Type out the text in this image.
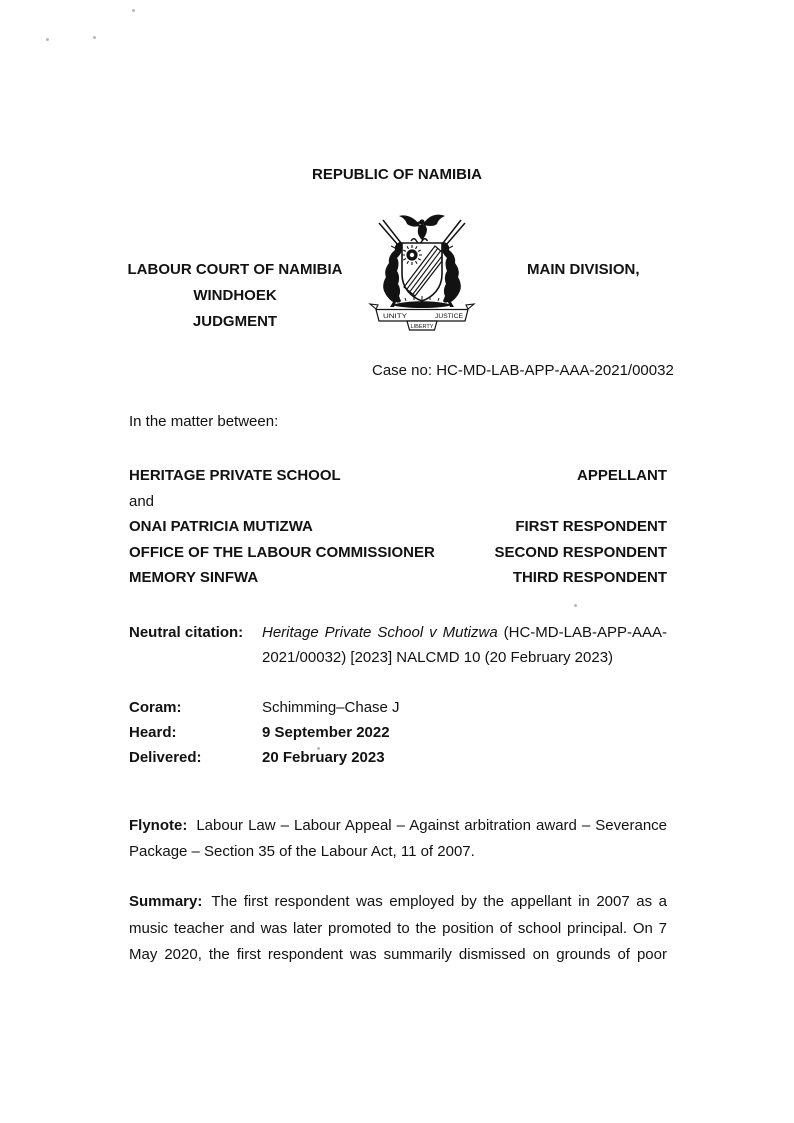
REPUBLIC OF NAMIBIA
UNITY	JUSTICE
LIBERTY
LABOUR COURT OF NAMIBIA
WINDHOEK
JUDGMENT
MAIN DIVISION,
Case no: HC-MD-LAB-APP-AAA-2021/00032
In the matter between:
HERITAGE PRIVATE SCHOOL	APPELLANT
and
ONAI PATRICIA MUTIZWA	FIRST RESPONDENT
OFFICE OF THE LABOUR COMMISSIONER	SECOND RESPONDENT
MEMORY SINFWA	THIRD RESPONDENT
Neutral citation:	Heritage Private School v Mutizwa (HC-MD-LAB-APP-AAA-2021/00032) [2023] NALCMD 10 (20 February 2023)
Coram:	Schimming–Chase J
Heard:	9 September 2022
Delivered:	20 February 2023

Flynote: Labour Law – Labour Appeal – Against arbitration award – Severance Package – Section 35 of the Labour Act, 11 of 2007.

Summary: The first respondent was employed by the appellant in 2007 as a music teacher and was later promoted to the position of school principal. On 7 May 2020, the first respondent was summarily dismissed on grounds of poor
